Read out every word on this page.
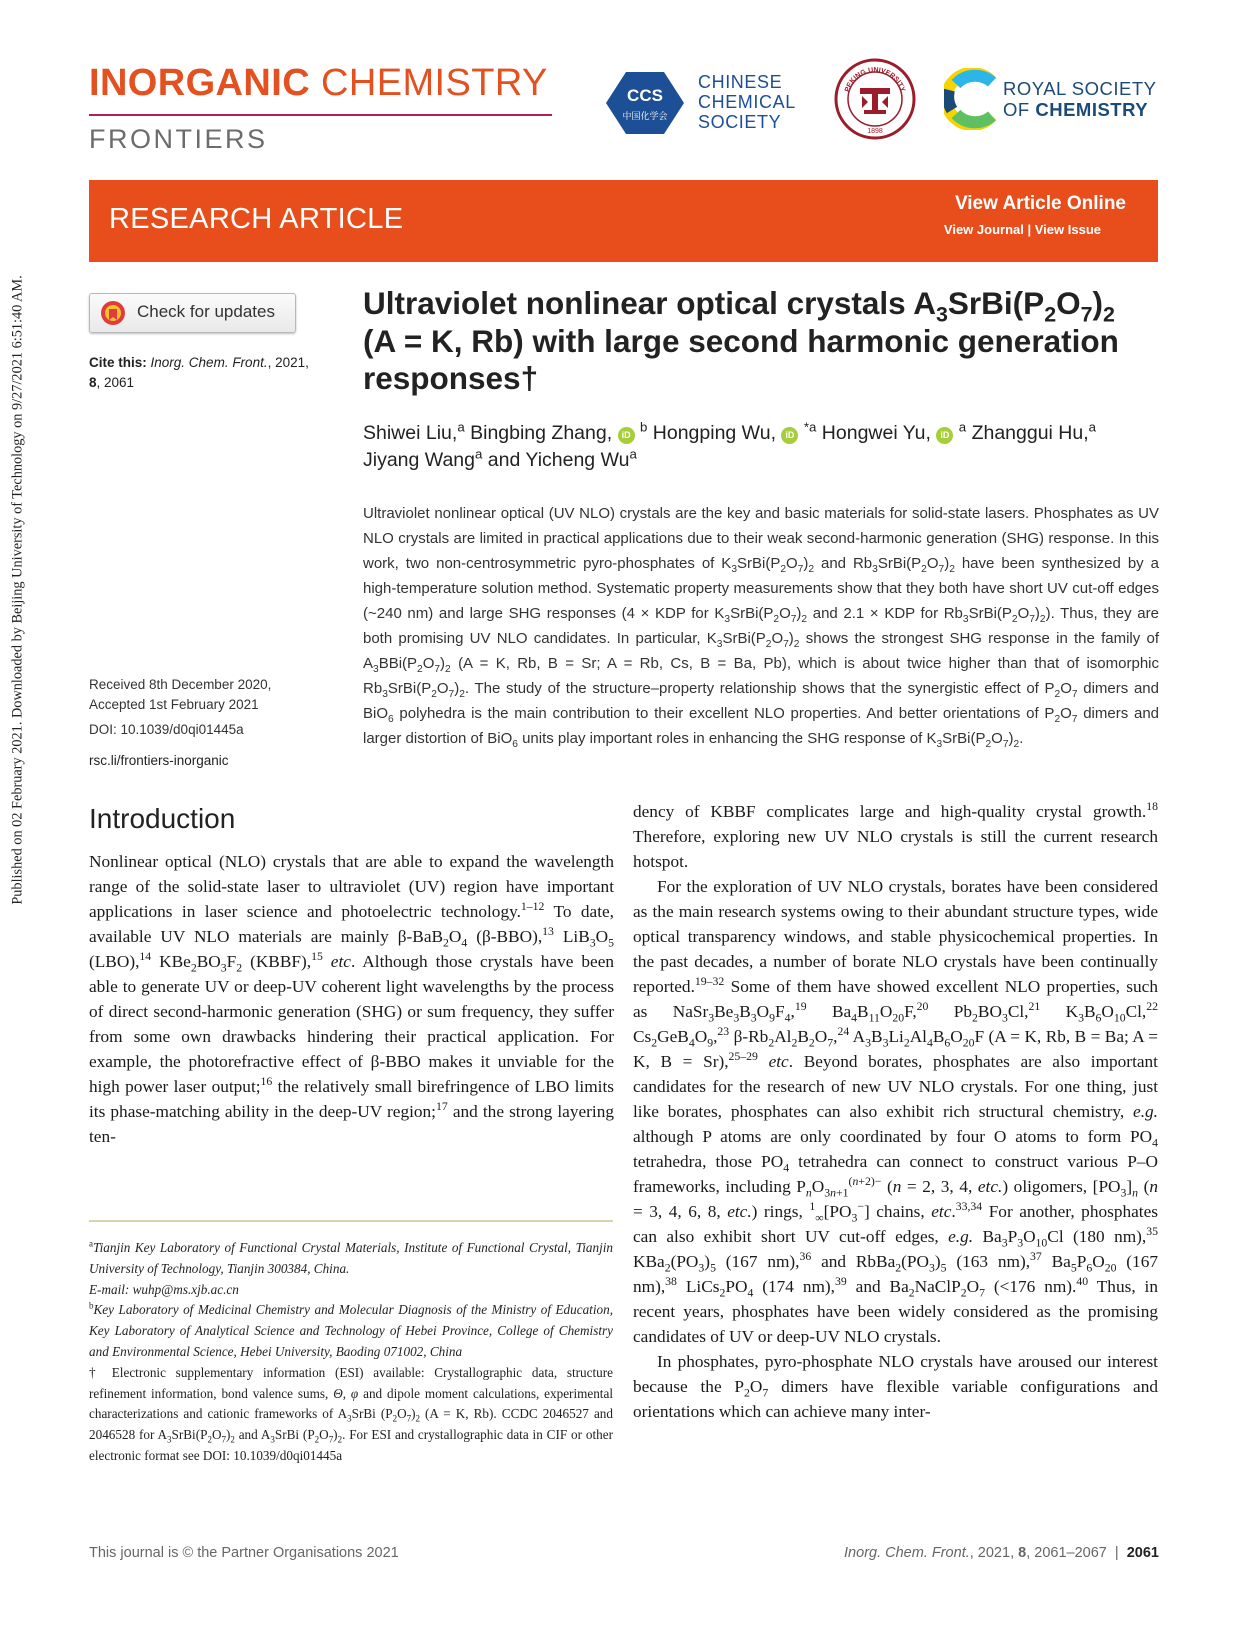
Published on 02 February 2021. Downloaded by Beijing University of Technology on 9/27/2021 6:51:40 AM.
INORGANIC CHEMISTRY
FRONTIERS
CCS
中国化学会
CHINESE
CHEMICAL
SOCIETY
PEKING UNIVERSITY
1898
ROYAL SOCIETY
OF CHEMISTRY
RESEARCH ARTICLE	View Article Online
View Journal | View Issue
Check for updates
Cite this: Inorg. Chem. Front., 2021,
8, 2061
Received 8th December 2020,
Accepted 1st February 2021
DOI: 10.1039/d0qi01445a
rsc.li/frontiers-inorganic
Ultraviolet nonlinear optical crystals $A_3SrBi(P_2O_7)_2$
(A = K, Rb) with large second harmonic generation
responses†
Shiwei Liu,$^a$ Bingbing Zhang, iD $^b$ Hongping Wu, iD $^{*a}$ Hongwei Yu, iD $^a$ Zhanggui Hu,$^a$
Jiyang Wang$^a$ and Yicheng Wu$^a$
Ultraviolet nonlinear optical (UV NLO) crystals are the key and basic materials for solid-state lasers. Phosphates as UV NLO crystals are limited in practical applications due to their weak second-harmonic generation (SHG) response. In this work, two non-centrosymmetric pyro-phosphates of $K_3SrBi(P_2O_7)_2$ and $Rb_3SrBi(P_2O_7)_2$ have been synthesized by a high-temperature solution method. Systematic property measurements show that they both have short UV cut-off edges (~240 nm) and large SHG responses (4 × KDP for $K_3SrBi(P_2O_7)_2$ and 2.1 × KDP for $Rb_3SrBi(P_2O_7)_2$). Thus, they are both promising UV NLO candidates. In particular, $K_3SrBi(P_2O_7)_2$ shows the strongest SHG response in the family of $A_3BBi(P_2O_7)_2$ (A = K, Rb, B = Sr; A = Rb, Cs, B = Ba, Pb), which is about twice higher than that of isomorphic $Rb_3SrBi(P_2O_7)_2$. The study of the structure–property relationship shows that the synergistic effect of $P_2O_7$ dimers and BiO$_6$ polyhedra is the main contribution to their excellent NLO properties. And better orientations of $P_2O_7$ dimers and larger distortion of BiO$_6$ units play important roles in enhancing the SHG response of $K_3SrBi(P_2O_7)_2$.
Introduction

Nonlinear optical (NLO) crystals that are able to expand the wavelength range of the solid-state laser to ultraviolet (UV) region have important applications in laser science and photoelectric technology.$^{1-12}$ To date, available UV NLO materials are mainly $\beta-BaB_2O_4$ (β-BBO),$^{13}$ $LiB_3O_5$ (LBO),$^{14}$ $KBe_2BO_3F_2$ (KBBF),$^{15}$ etc. Although those crystals have been able to generate UV or deep-UV coherent light wavelengths by the process of direct second-harmonic generation (SHG) or sum frequency, they suffer from some own drawbacks hindering their practical application. For example, the photorefractive effect of β-BBO makes it unviable for the high power laser output;$^{16}$ the relatively small birefringence of LBO limits its phase-matching ability in the deep-UV region;$^{17}$ and the strong layering ten-

$^a$Tianjin Key Laboratory of Functional Crystal Materials, Institute of Functional Crystal, Tianjin University of Technology, Tianjin 300384, China.

E-mail: wuhp@ms.xjb.ac.cn

$^b$Key Laboratory of Medicinal Chemistry and Molecular Diagnosis of the Ministry of Education, Key Laboratory of Analytical Science and Technology of Hebei Province, College of Chemistry and Environmental Science, Hebei University, Baoding 071002, China

† Electronic supplementary information (ESI) available: Crystallographic data, structure refinement information, bond valence sums, Θ, φ and dipole moment calculations, experimental characterizations and cationic frameworks of $A_3SrBi$ $(P_2O_7)_2$ (A = K, Rb). CCDC 2046527 and 2046528 for $A_3SrBi(P_2O_7)_2$ and $A_3SrBi$ $(P_2O_7)_2$. For ESI and crystallographic data in CIF or other electronic format see DOI: 10.1039/d0qi01445a

dency of KBBF complicates large and high-quality crystal growth.$^{18}$ Therefore, exploring new UV NLO crystals is still the current research hotspot.

For the exploration of UV NLO crystals, borates have been considered as the main research systems owing to their abundant structure types, wide optical transparency windows, and stable physicochemical properties. In the past decades, a number of borate NLO crystals have been continually reported.$^{19-32}$ Some of them have showed excellent NLO properties, such as $NaSr_3Be_3B_3O_9F_4,^{19}$ $Ba_4B_{11}O_{20}F,^{20}$ $Pb_2BO_3Cl,^{21}$ $K_3B_6O_{10}Cl,^{22}$ $Cs_2GeB_4O_9,^{23}$ $\beta-Rb_2Al_2B_2O_7,^{24}$ $A_3B_3Li_2Al_4B_6O_{20}F$ (A = K, Rb, B = Ba; A = K, B = Sr),$^{25-29}$ etc. Beyond borates, phosphates are also important candidates for the research of new UV NLO crystals. For one thing, just like borates, phosphates can also exhibit rich structural chemistry, e.g. although P atoms are only coordinated by four O atoms to form $PO_4$ tetrahedra, those $PO_4$ tetrahedra can connect to construct various P–O frameworks, including $P_nO_{3n+1}^{(n+2)-}$ (n = 2, 3, 4, etc.) oligomers, $[PO_3]_n$ (n = 3, 4, 6, 8, etc.) rings, $^1_\infty[PO_3^-]$ chains, etc.$^{33,34}$ For another, phosphates can also exhibit short UV cut-off edges, e.g. $Ba_3P_3O_{10}Cl$ (180 nm),$^{35}$ $KBa_2(PO_3)_5$ (167 nm),$^{36}$ and $RbBa_2(PO_3)_5$ (163 nm),$^{37}$ $Ba_5P_6O_{20}$ (167 nm),$^{38}$ $LiCs_2PO_4$ (174 nm),$^{39}$ and $Ba_2NaClP_2O_7$ (<176 nm).$^{40}$ Thus, in recent years, phosphates have been widely considered as the promising candidates of UV or deep-UV NLO crystals.

In phosphates, pyro-phosphate NLO crystals have aroused our interest because the $P_2O_7$ dimers have flexible variable configurations and orientations which can achieve many inter-

This journal is © the Partner Organisations 2021	Inorg. Chem. Front., 2021, 8, 2061–2067  |  2061
